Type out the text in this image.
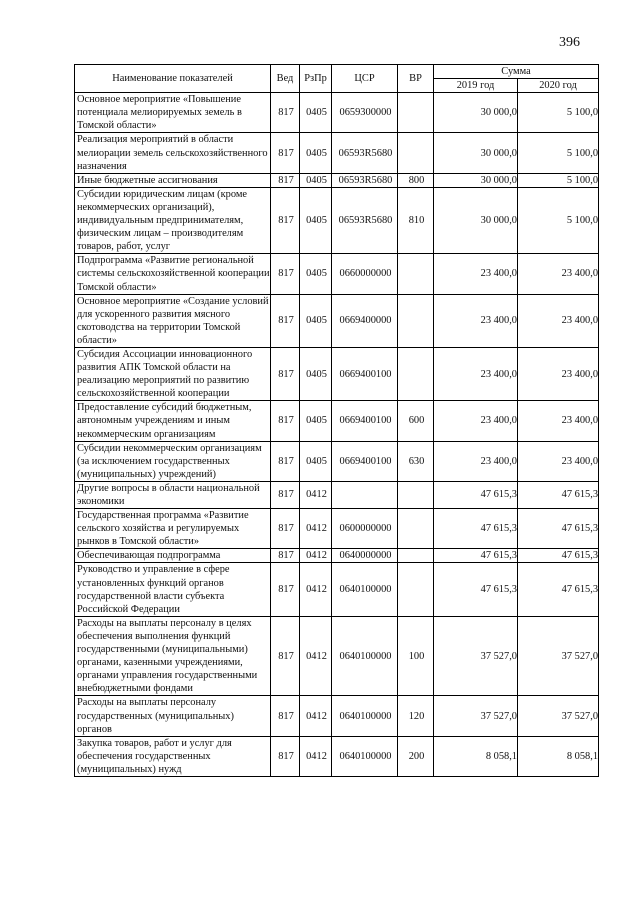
396
Наименование показателей	Вед	РзПр	ЦСР	ВР	Сумма	
					2019 год	2020 год
Основное мероприятие «Повышение потенциала мелиорируемых земель в Томской области»	817	0405	0659300000		30 000,0	5 100,0
Реализация мероприятий в области мелиорации земель сельскохозяйственного назначения	817	0405	06593R5680		30 000,0	5 100,0
Иные бюджетные ассигнования	817	0405	06593R5680	800	30 000,0	5 100,0
Субсидии юридическим лицам (кроме некоммерческих организаций), индивидуальным предпринимателям, физическим лицам – производителям товаров, работ, услуг	817	0405	06593R5680	810	30 000,0	5 100,0
Подпрограмма «Развитие региональной системы сельскохозяйственной кооперации Томской области»	817	0405	0660000000		23 400,0	23 400,0
Основное мероприятие «Создание условий для ускоренного развития мясного скотоводства на территории Томской области»	817	0405	0669400000		23 400,0	23 400,0
Субсидия Ассоциации инновационного развития АПК Томской области на реализацию мероприятий по развитию сельскохозяйственной кооперации	817	0405	0669400100		23 400,0	23 400,0
Предоставление субсидий бюджетным, автономным учреждениям и иным некоммерческим организациям	817	0405	0669400100	600	23 400,0	23 400,0
Субсидии некоммерческим организациям (за исключением государственных (муниципальных) учреждений)	817	0405	0669400100	630	23 400,0	23 400,0
Другие вопросы в области национальной экономики	817	0412			47 615,3	47 615,3
Государственная программа «Развитие сельского хозяйства и регулируемых рынков в Томской области»	817	0412	0600000000		47 615,3	47 615,3
Обеспечивающая подпрограмма	817	0412	0640000000		47 615,3	47 615,3
Руководство и управление в сфере установленных функций органов государственной власти субъекта Российской Федерации	817	0412	0640100000		47 615,3	47 615,3
Расходы на выплаты персоналу в целях обеспечения выполнения функций государственными (муниципальными) органами, казенными учреждениями, органами управления государственными внебюджетными фондами	817	0412	0640100000	100	37 527,0	37 527,0
Расходы на выплаты персоналу государственных (муниципальных) органов	817	0412	0640100000	120	37 527,0	37 527,0
Закупка товаров, работ и услуг для обеспечения государственных (муниципальных) нужд	817	0412	0640100000	200	8 058,1	8 058,1
